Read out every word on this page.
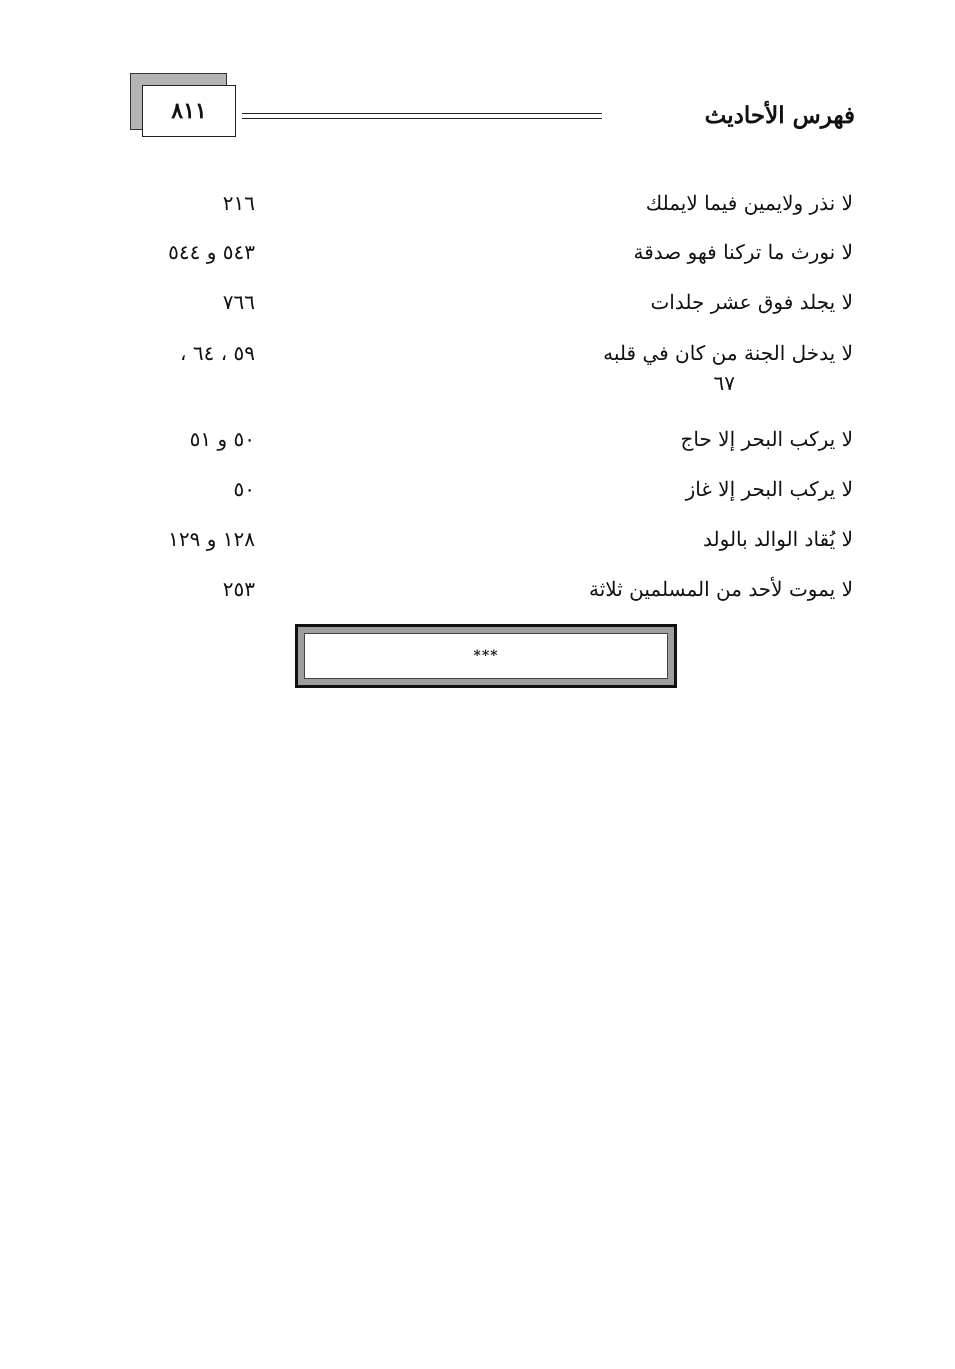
فهرس الأحاديث
٨١١
لا نذر ولايمين فيما لايملك
٢١٦
لا نورث ما تركنا فهو صدقة
٥٤٣ و ٥٤٤
لا يجلد فوق عشر جلدات
٧٦٦
لا يدخل الجنة من كان في قلبه
٥٩ ، ٦٤ ،
٦٧
لا يركب البحر إلا حاج
٥٠ و ٥١
لا يركب البحر إلا غاز
٥٠
لا يُقاد الوالد بالولد
١٢٨ و ١٢٩
لا يموت لأحد من المسلمين ثلاثة
٢٥٣
***
